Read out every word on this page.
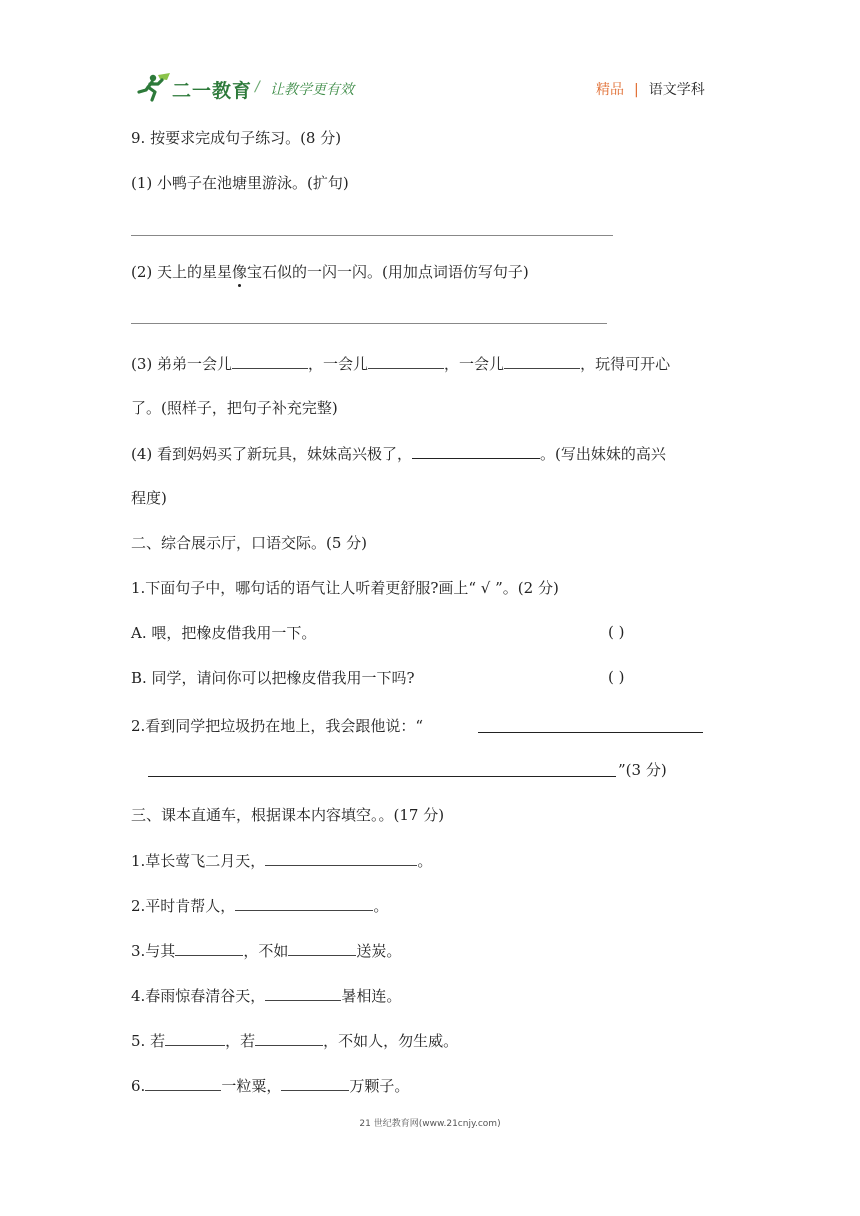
二一教育 / 让教学更有效	精品 | 语文学科
9. 按要求完成句子练习。(8 分)
(1) 小鸭子在池塘里游泳。(扩句)
(2) 天上的星星像宝石似的一闪一闪。(用加点词语仿写句子)
(3) 弟弟一会儿	，一会儿	，一会儿	，玩得可开心
了。(照样子，把句子补充完整)
(4) 看到妈妈买了新玩具，妹妹高兴极了，	。(写出妹妹的高兴
程度)
二、综合展示厅，口语交际。(5 分)
1.下面句子中，哪句话的语气让人听着更舒服?画上“ √ ”。(2 分)
A. 喂，把橡皮借我用一下。	( )
B. 同学，请问你可以把橡皮借我用一下吗?	( )
2.看到同学把垃圾扔在地上，我会跟他说：“
”(3 分)
三、课本直通车，根据课本内容填空。。(17 分)
1.草长莺飞二月天，	。
2.平时肯帮人，	。
3.与其	，不如	送炭。
4.春雨惊春清谷天，	暑相连。
5. 若	，若	，不如人，勿生威。
6.	一粒粟，	万颗子。
21 世纪教育网(www.21cnjy.com)
